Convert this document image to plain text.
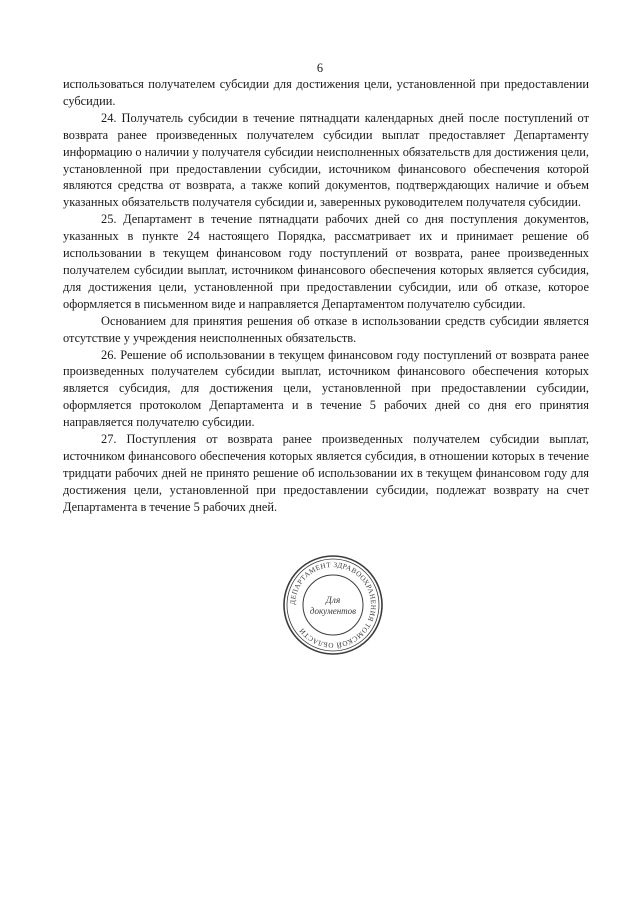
6

использоваться получателем субсидии для достижения цели, установленной при предоставлении субсидии.

24. Получатель субсидии в течение пятнадцати календарных дней после поступлений от возврата ранее произведенных получателем субсидии выплат предоставляет Департаменту информацию о наличии у получателя субсидии неисполненных обязательств для достижения цели, установленной при предоставлении субсидии, источником финансового обеспечения которой являются средства от возврата, а также копий документов, подтверждающих наличие и объем указанных обязательств получателя субсидии и, заверенных руководителем получателя субсидии.

25. Департамент в течение пятнадцати рабочих дней со дня поступления документов, указанных в пункте 24 настоящего Порядка, рассматривает их и принимает решение об использовании в текущем финансовом году поступлений от возврата, ранее произведенных получателем субсидии выплат, источником финансового обеспечения которых является субсидия, для достижения цели, установленной при предоставлении субсидии, или об отказе, которое оформляется в письменном виде и направляется Департаментом получателю субсидии.

Основанием для принятия решения об отказе в использовании средств субсидии является отсутствие у учреждения неисполненных обязательств.

26. Решение об использовании в текущем финансовом году поступлений от возврата ранее произведенных получателем субсидии выплат, источником финансового обеспечения которых является субсидия, для достижения цели, установленной при предоставлении субсидии, оформляется протоколом Департамента и в течение 5 рабочих дней со дня его принятия направляется получателю субсидии.

27. Поступления от возврата ранее произведенных получателем субсидии выплат, источником финансового обеспечения которых является субсидия, в отношении которых в течение тридцати рабочих дней не принято решение об использовании их в текущем финансовом году для достижения цели, установленной при предоставлении субсидии, подлежат возврату на счет Департамента в течение 5 рабочих дней.

ДЕПАРТАМЕНТ ЗДРАВООХРАНЕНИЯ ТОМСКОЙ ОБЛАСТИ
Для
документов
